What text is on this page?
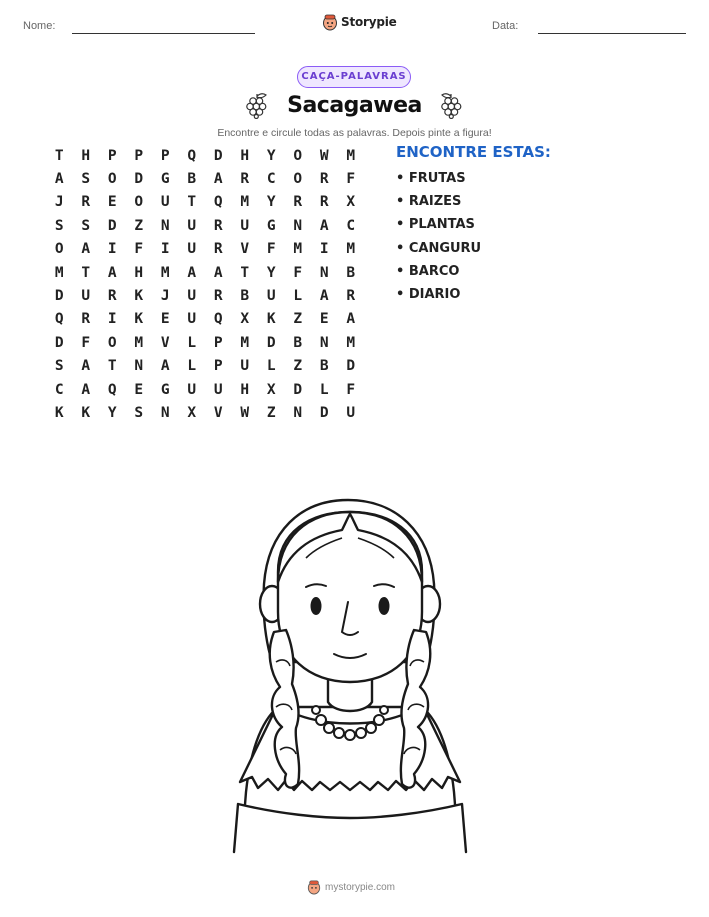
Nome:	Storypie	Data:
CAÇA-PALAVRAS
Sacagawea
Encontre e circule todas as palavras. Depois pinte a figura!
T	H	P	P	P	Q	D	H	Y	O	W	M
A	S	O	D	G	B	A	R	C	O	R	F
J	R	E	O	U	T	Q	M	Y	R	R	X
S	S	D	Z	N	U	R	U	G	N	A	C
O	A	I	F	I	U	R	V	F	M	I	M
M	T	A	H	M	A	A	T	Y	F	N	B
D	U	R	K	J	U	R	B	U	L	A	R
Q	R	I	K	E	U	Q	X	K	Z	E	A
D	F	O	M	V	L	P	M	D	B	N	M
S	A	T	N	A	L	P	U	L	Z	B	D
C	A	Q	E	G	U	U	H	X	D	L	F
K	K	Y	S	N	X	V	W	Z	N	D	U
ENCONTRE ESTAS:
• FRUTAS
• RAIZES
• PLANTAS
• CANGURU
• BARCO
• DIARIO
mystorypie.com
